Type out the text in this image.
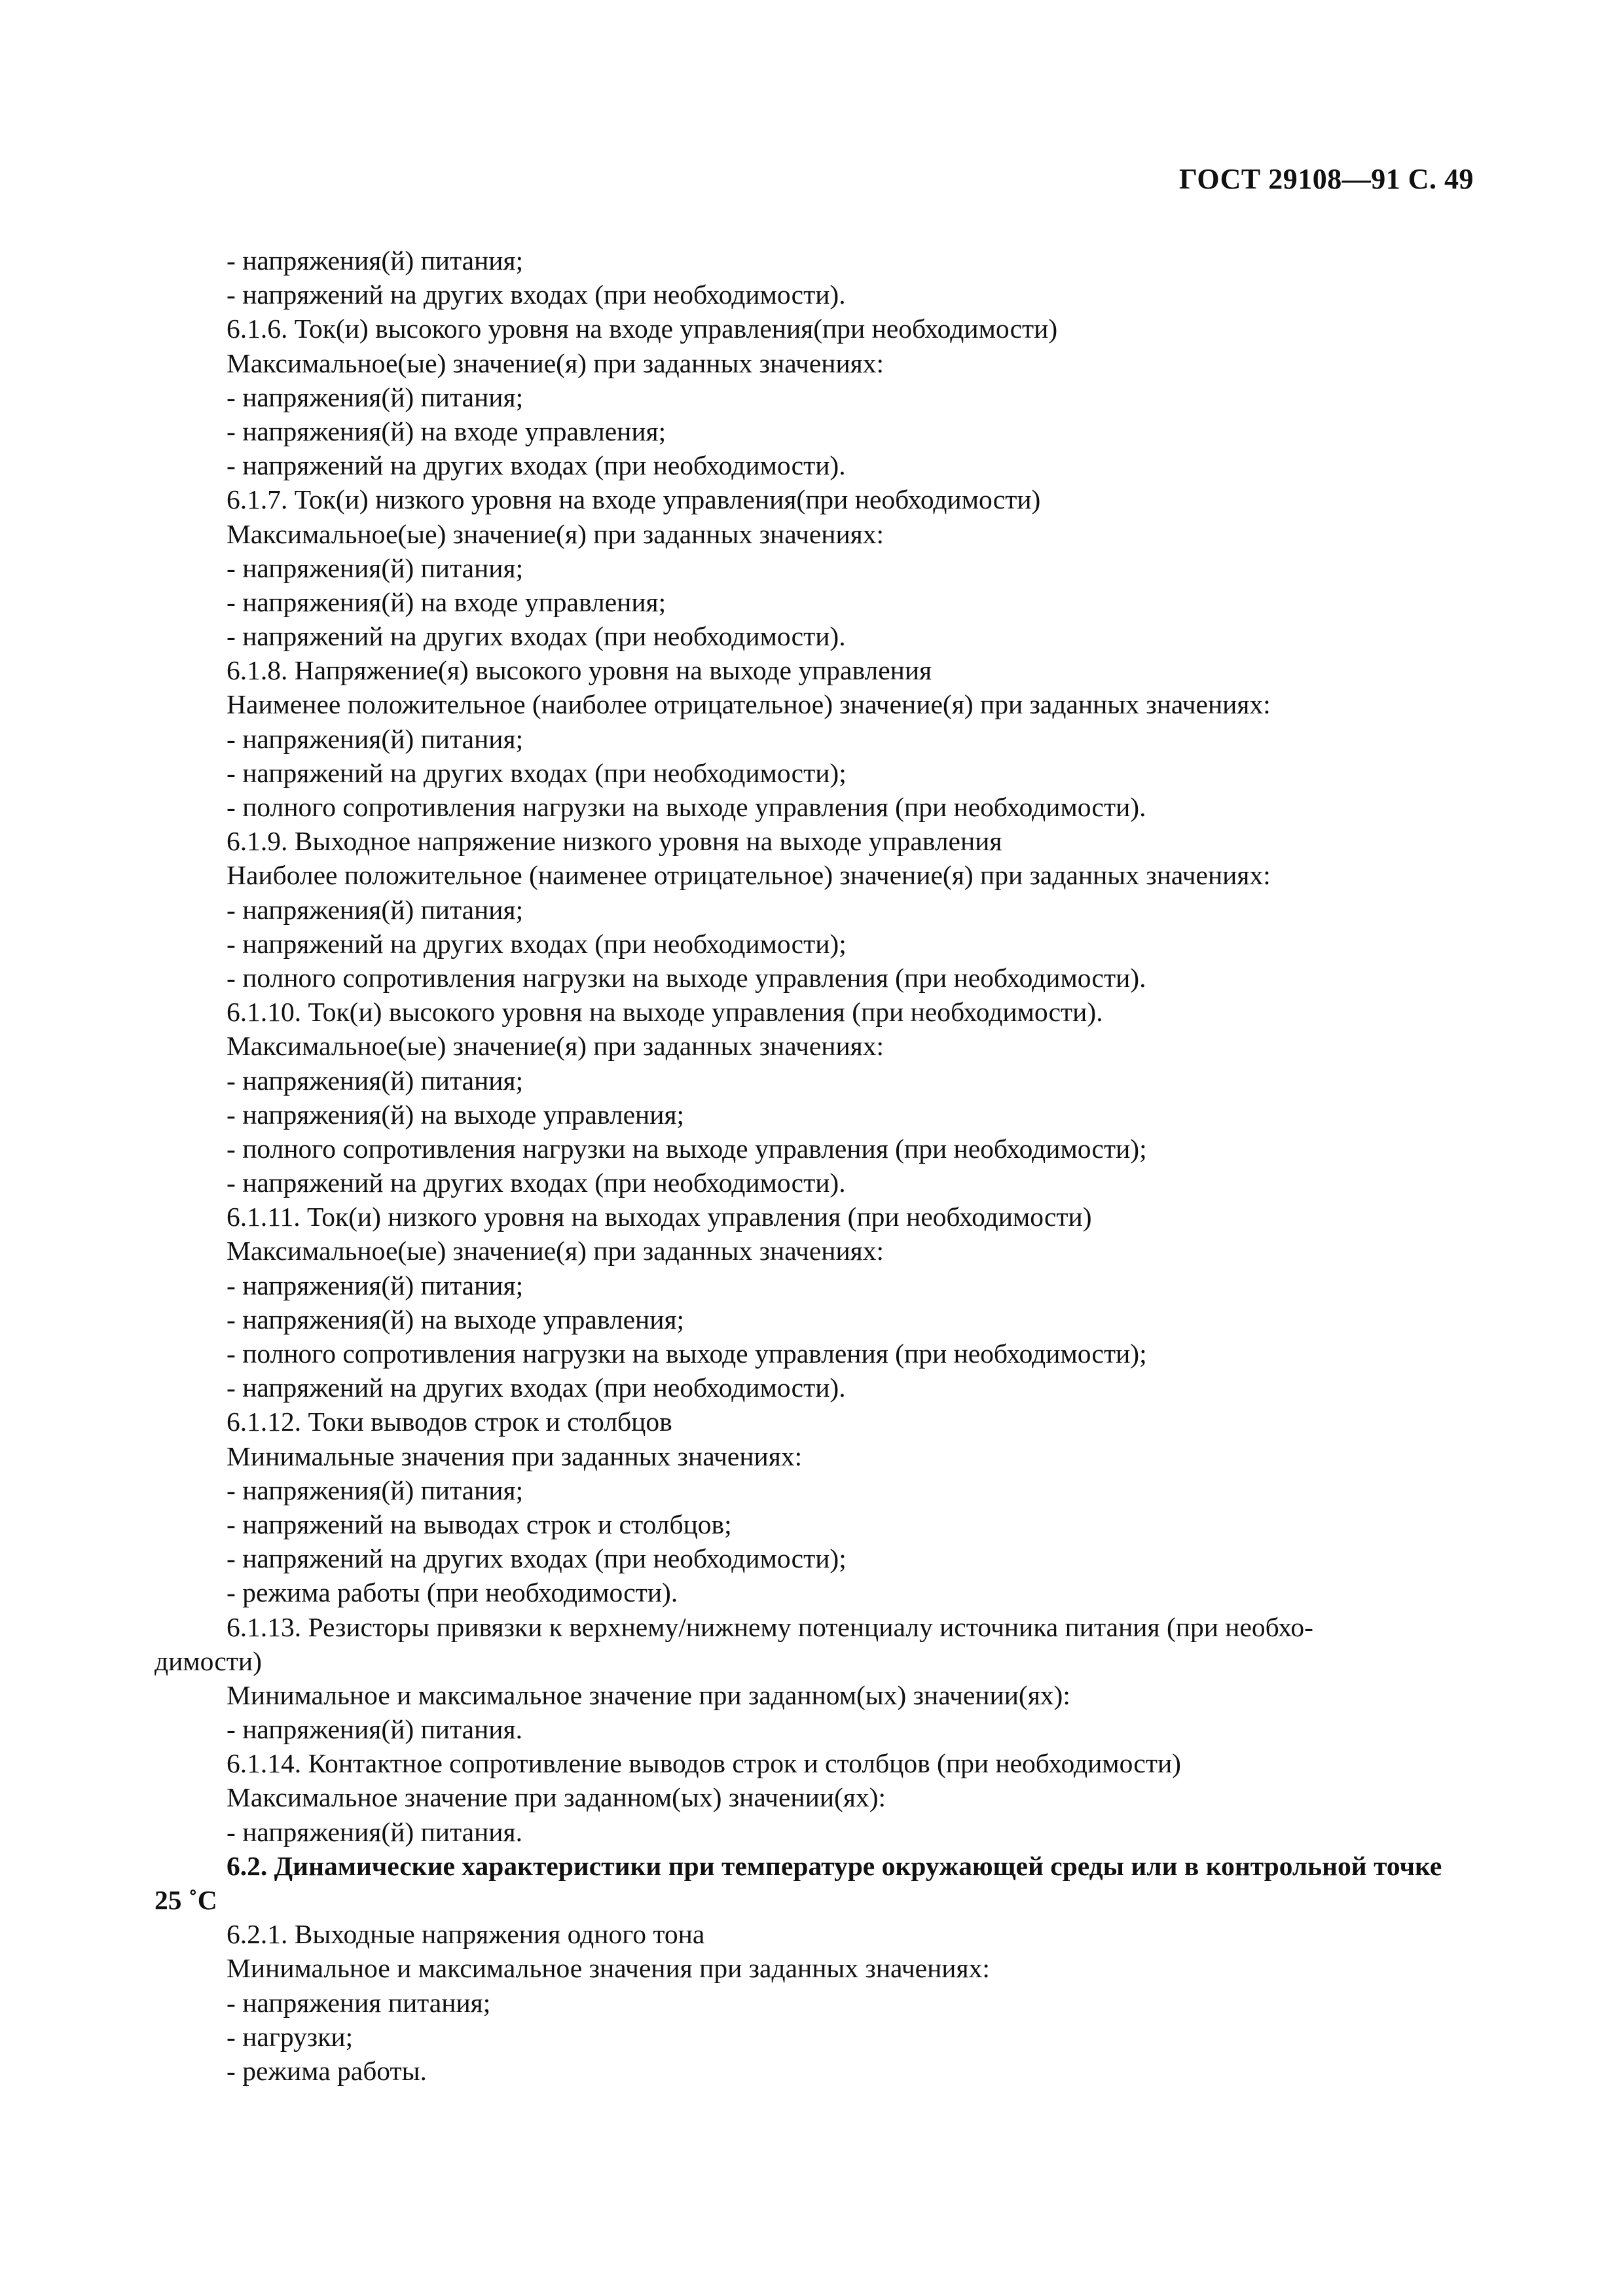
ГОСТ 29108—91 С. 49
- напряжения(й) питания;
- напряжений на других входах (при необходимости).
6.1.6. Ток(и) высокого уровня на входе управления(при необходимости)
Максимальное(ые) значение(я) при заданных значениях:
- напряжения(й) питания;
- напряжения(й) на входе управления;
- напряжений на других входах (при необходимости).
6.1.7. Ток(и) низкого уровня на входе управления(при необходимости)
Максимальное(ые) значение(я) при заданных значениях:
- напряжения(й) питания;
- напряжения(й) на входе управления;
- напряжений на других входах (при необходимости).
6.1.8. Напряжение(я) высокого уровня на выходе управления
Наименее положительное (наиболее отрицательное) значение(я) при заданных значениях:
- напряжения(й) питания;
- напряжений на других входах (при необходимости);
- полного сопротивления нагрузки на выходе управления (при необходимости).
6.1.9. Выходное напряжение низкого уровня на выходе управления
Наиболее положительное (наименее отрицательное) значение(я) при заданных значениях:
- напряжения(й) питания;
- напряжений на других входах (при необходимости);
- полного сопротивления нагрузки на выходе управления (при необходимости).
6.1.10. Ток(и) высокого уровня на выходе управления (при необходимости).
Максимальное(ые) значение(я) при заданных значениях:
- напряжения(й) питания;
- напряжения(й) на выходе управления;
- полного сопротивления нагрузки на выходе управления (при необходимости);
- напряжений на других входах (при необходимости).
6.1.11. Ток(и) низкого уровня на выходах управления (при необходимости)
Максимальное(ые) значение(я) при заданных значениях:
- напряжения(й) питания;
- напряжения(й) на выходе управления;
- полного сопротивления нагрузки на выходе управления (при необходимости);
- напряжений на других входах (при необходимости).
6.1.12. Токи выводов строк и столбцов
Минимальные значения при заданных значениях:
- напряжения(й) питания;
- напряжений на выводах строк и столбцов;
- напряжений на других входах (при необходимости);
- режима работы (при необходимости).
6.1.13. Резисторы привязки к верхнему/нижнему потенциалу источника питания (при необхо-
димости)
Минимальное и максимальное значение при заданном(ых) значении(ях):
- напряжения(й) питания.
6.1.14. Контактное сопротивление выводов строк и столбцов (при необходимости)
Максимальное значение при заданном(ых) значении(ях):
- напряжения(й) питания.
6.2. Динамические характеристики при температуре окружающей среды или в контрольной точке
25 ˚С
6.2.1. Выходные напряжения одного тона
Минимальное и максимальное значения при заданных значениях:
- напряжения питания;
- нагрузки;
- режима работы.
